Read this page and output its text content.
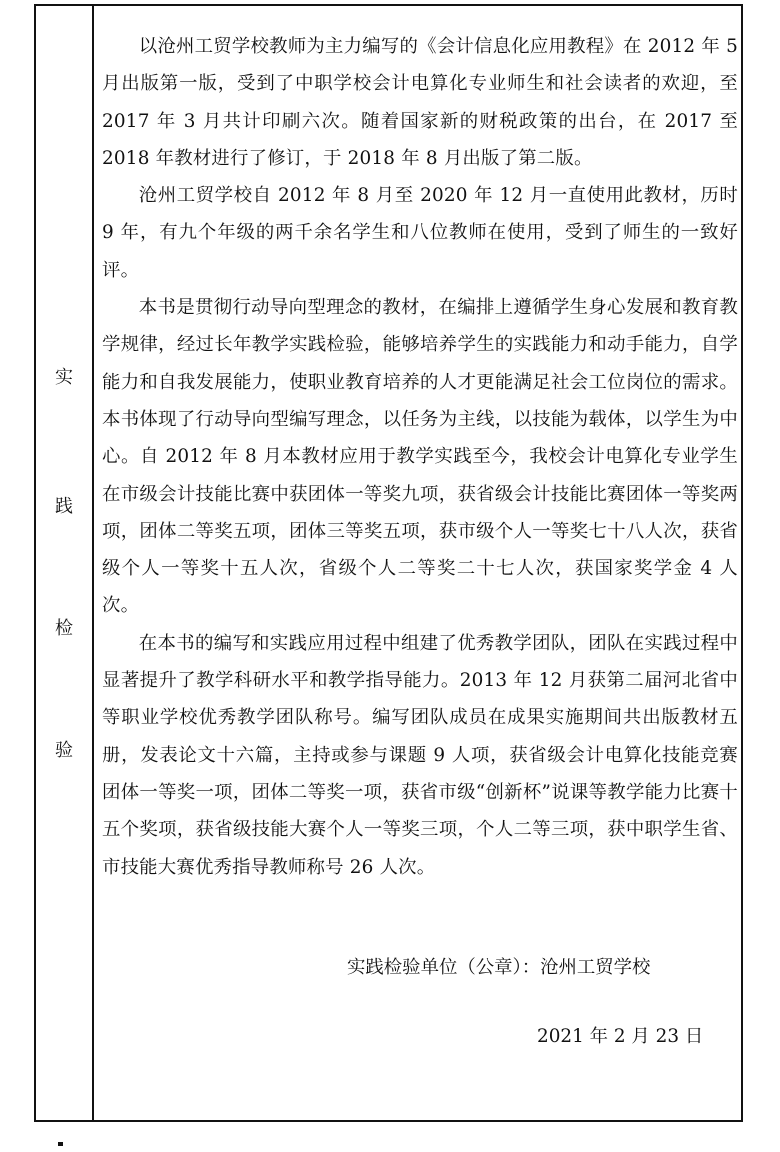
实
践
检
验

以沧州工贸学校教师为主力编写的《会计信息化应用教程》在 2012 年 5 月出版第一版，受到了中职学校会计电算化专业师生和社会读者的欢迎，至 2017 年 3 月共计印刷六次。随着国家新的财税政策的出台，在 2017 至 2018 年教材进行了修订，于 2018 年 8 月出版了第二版。

沧州工贸学校自 2012 年 8 月至 2020 年 12 月一直使用此教材，历时 9 年，有九个年级的两千余名学生和八位教师在使用，受到了师生的一致好评。

本书是贯彻行动导向型理念的教材，在编排上遵循学生身心发展和教育教学规律，经过长年教学实践检验，能够培养学生的实践能力和动手能力，自学能力和自我发展能力，使职业教育培养的人才更能满足社会工位岗位的需求。本书体现了行动导向型编写理念，以任务为主线，以技能为载体，以学生为中心。自 2012 年 8 月本教材应用于教学实践至今，我校会计电算化专业学生在市级会计技能比赛中获团体一等奖九项，获省级会计技能比赛团体一等奖两项，团体二等奖五项，团体三等奖五项，获市级个人一等奖七十八人次，获省级个人一等奖十五人次，省级个人二等奖二十七人次，获国家奖学金 4 人次。

在本书的编写和实践应用过程中组建了优秀教学团队，团队在实践过程中显著提升了教学科研水平和教学指导能力。2013 年 12 月获第二届河北省中等职业学校优秀教学团队称号。编写团队成员在成果实施期间共出版教材五册，发表论文十六篇，主持或参与课题 9 人项，获省级会计电算化技能竞赛团体一等奖一项，团体二等奖一项，获省市级“创新杯”说课等教学能力比赛十五个奖项，获省级技能大赛个人一等奖三项，个人二等三项，获中职学生省、市技能大赛优秀指导教师称号 26 人次。

实践检验单位（公章）：沧州工贸学校
2021 年 2 月 23 日
